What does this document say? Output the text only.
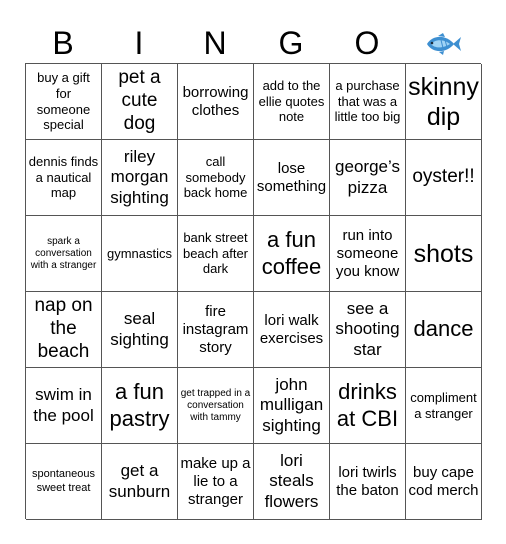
B	I	N	G	O
buy a gift for someone special
pet a cute dog
borrowing clothes
add to the ellie quotes note
a purchase that was a little too big
skinny dip
dennis finds a nautical map
riley morgan sighting
call somebody back home
lose something
george’s pizza	oyster!!
spark a conversation with a stranger
gymnastics
bank street beach after dark
a fun coffee
run into someone you know
shots
nap on the beach
seal sighting
fire instagram story
lori walk exercises
see a shooting star
dance
swim in the pool
a fun pastry
get trapped in a conversation with tammy
john mulligan sighting
drinks at CBI
compliment a stranger
spontaneous sweet treat
get a sunburn
make up a lie to a stranger
lori steals flowers
lori twirls the baton
buy cape cod merch
